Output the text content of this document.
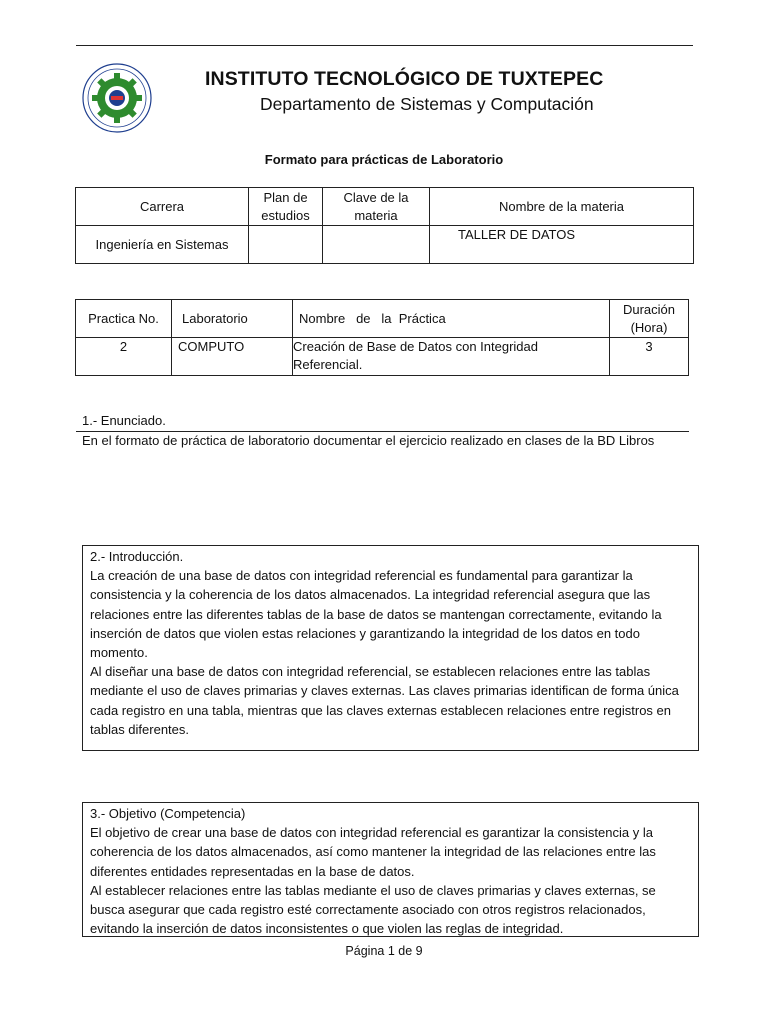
INSTITUTO TECNOLÓGICO DE TUXTEPEC
Departamento de Sistemas y Computación
Formato para prácticas de Laboratorio
Carrera	Plan de estudios	Clave de la materia	Nombre de la materia
Ingeniería en Sistemas			TALLER DE DATOS
Practica No.	Laboratorio	Nombre   de   la  Práctica	Duración (Hora)
2	COMPUTO	Creación de Base de Datos con Integridad Referencial.	3
1.- Enunciado.
En el formato de práctica de laboratorio documentar el ejercicio realizado en clases de la BD Libros

2.- Introducción.

La creación de una base de datos con integridad referencial es fundamental para garantizar la consistencia y la coherencia de los datos almacenados. La integridad referencial asegura que las relaciones entre las diferentes tablas de la base de datos se mantengan correctamente, evitando la inserción de datos que violen estas relaciones y garantizando la integridad de los datos en todo momento.

Al diseñar una base de datos con integridad referencial, se establecen relaciones entre las tablas mediante el uso de claves primarias y claves externas. Las claves primarias identifican de forma única cada registro en una tabla, mientras que las claves externas establecen relaciones entre registros en tablas diferentes.

3.- Objetivo (Competencia)

El objetivo de crear una base de datos con integridad referencial es garantizar la consistencia y la coherencia de los datos almacenados, así como mantener la integridad de las relaciones entre las diferentes entidades representadas en la base de datos.

Al establecer relaciones entre las tablas mediante el uso de claves primarias y claves externas, se busca asegurar que cada registro esté correctamente asociado con otros registros relacionados, evitando la inserción de datos inconsistentes o que violen las reglas de integridad.

Página 1 de 9
